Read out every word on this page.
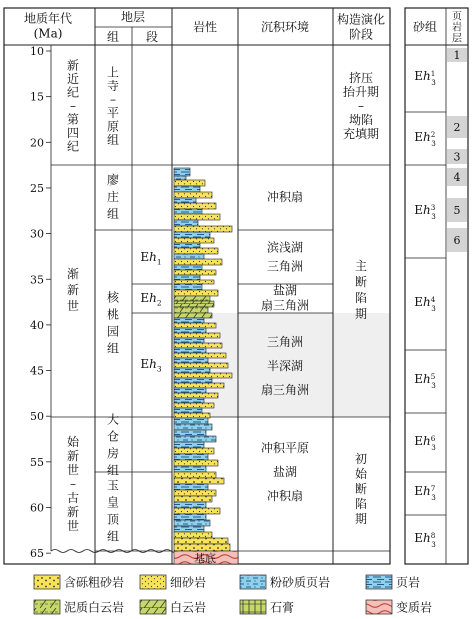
10
15
20
25
30
35
40
45
50
55
60
65
1
2
3
4
5
6
地质年代(Ma)
地层
组 段
岩性	沉积环境
构造演化阶段
砂组
页岩层
新近纪–第四纪
渐新世
始新世–古新世
上寺–平原组
廖庄组
核桃园组
大仓房组
玉皇顶组
$Eh_1$
$Eh_2$
$Eh_3$
冲积扇
滨浅湖三角洲
盐湖扇三角洲
三角洲半深湖扇三角洲
冲积平原盐湖冲积扇
挤压抬升期–坳陷充填期
主断陷期
初始断陷期
基底
Eh$^1$ 3
Eh$^2$ 3
Eh$^3$ 3
Eh$^4$ 3
Eh$^5$ 3
Eh$^6$ 3
Eh$^7$ 3
Eh$^8$ 3
含砾粗砂岩	细砂岩	粉砂质页岩	页岩
泥质白云岩	白云岩	石膏	变质岩
